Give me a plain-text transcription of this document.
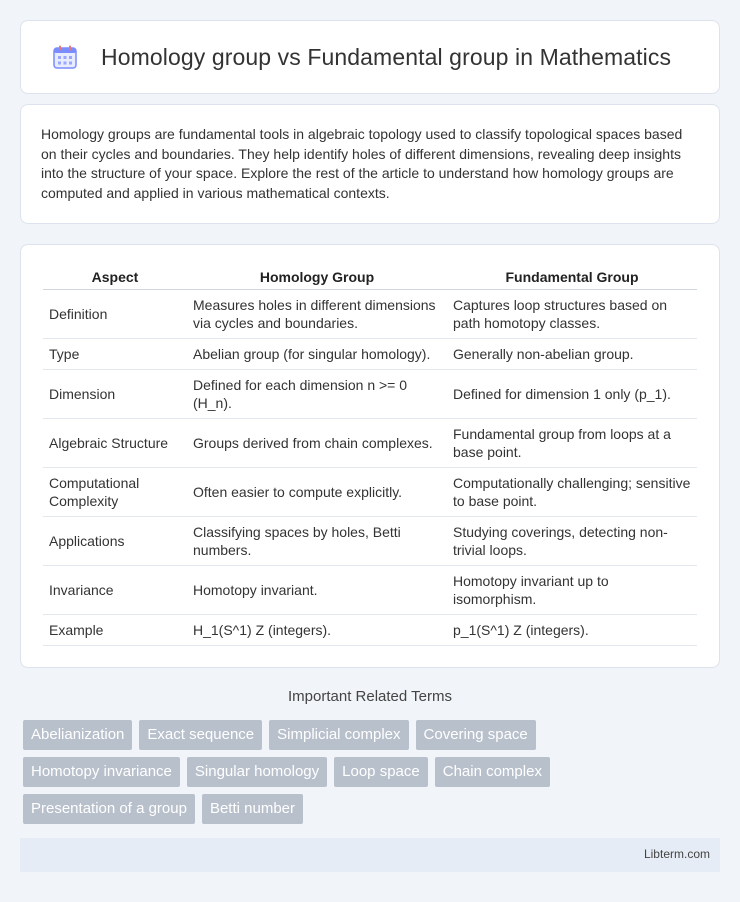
Homology group vs Fundamental group in Mathematics

Homology groups are fundamental tools in algebraic topology used to classify topological spaces based on their cycles and boundaries. They help identify holes of different dimensions, revealing deep insights into the structure of your space. Explore the rest of the article to understand how homology groups are computed and applied in various mathematical contexts.

Aspect	Homology Group	Fundamental Group
Definition	Measures holes in different dimensions via cycles and boundaries.	Captures loop structures based on path homotopy classes.
Type	Abelian group (for singular homology).	Generally non-abelian group.
Dimension	Defined for each dimension n >= 0 (H_n).	Defined for dimension 1 only (p_1).
Algebraic Structure	Groups derived from chain complexes.	Fundamental group from loops at a base point.
Computational Complexity	Often easier to compute explicitly.	Computationally challenging; sensitive to base point.
Applications	Classifying spaces by holes, Betti numbers.	Studying coverings, detecting non-trivial loops.
Invariance	Homotopy invariant.	Homotopy invariant up to isomorphism.
Example	H_1(S^1) Z (integers).	p_1(S^1) Z (integers).
Important Related Terms
Abelianization	Exact sequence	Simplicial complex	Covering space
Homotopy invariance	Singular homology	Loop space	Chain complex
Presentation of a group	Betti number
Libterm.com
